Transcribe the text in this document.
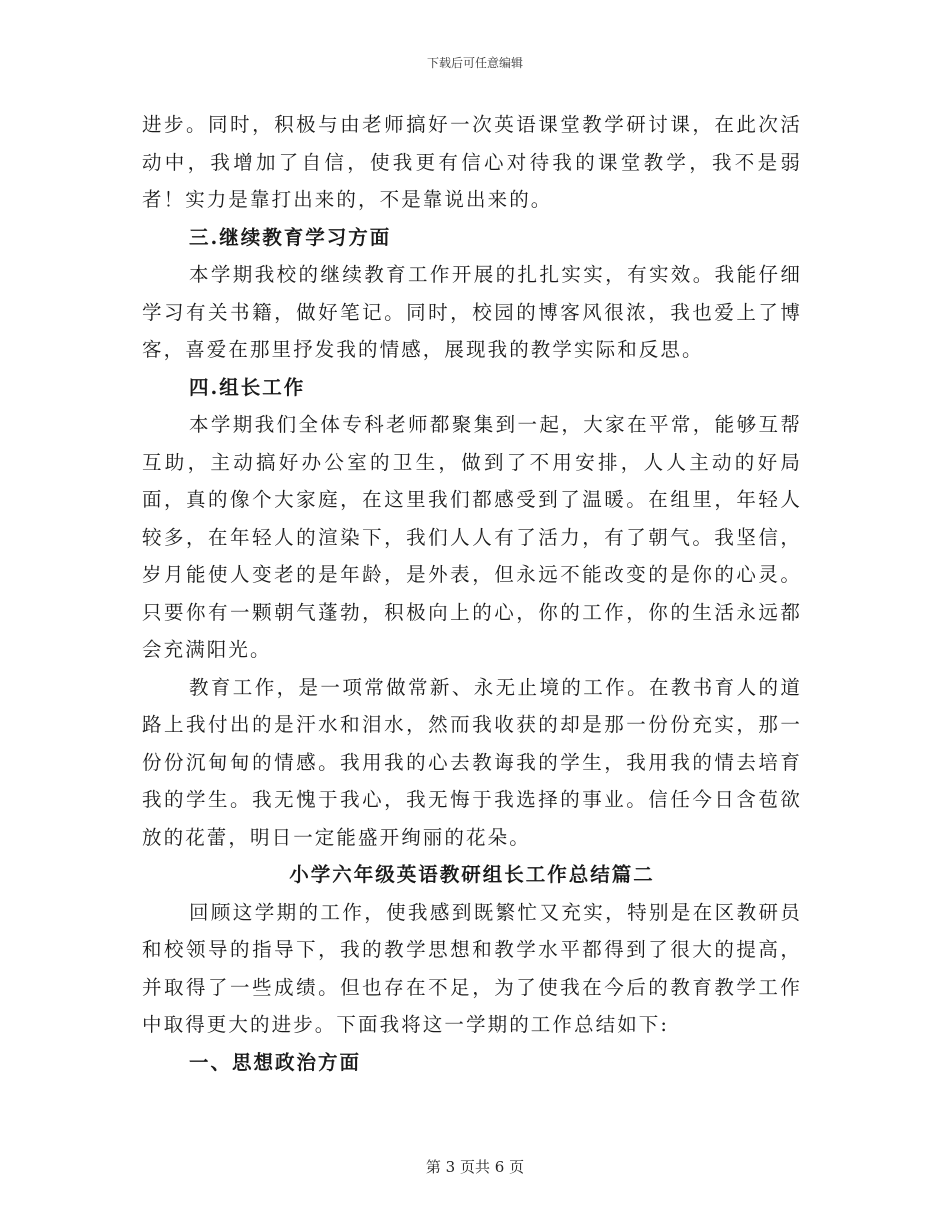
下载后可任意编辑

进步。同时，积极与由老师搞好一次英语课堂教学研讨课，在此次活动中，我增加了自信，使我更有信心对待我的课堂教学，我不是弱者！实力是靠打出来的，不是靠说出来的。

三.继续教育学习方面

本学期我校的继续教育工作开展的扎扎实实，有实效。我能仔细学习有关书籍，做好笔记。同时，校园的博客风很浓，我也爱上了博客，喜爱在那里抒发我的情感，展现我的教学实际和反思。

四.组长工作

本学期我们全体专科老师都聚集到一起，大家在平常，能够互帮互助，主动搞好办公室的卫生，做到了不用安排，人人主动的好局面，真的像个大家庭，在这里我们都感受到了温暖。在组里，年轻人较多，在年轻人的渲染下，我们人人有了活力，有了朝气。我坚信，岁月能使人变老的是年龄，是外表，但永远不能改变的是你的心灵。只要你有一颗朝气蓬勃，积极向上的心，你的工作，你的生活永远都会充满阳光。

教育工作，是一项常做常新、永无止境的工作。在教书育人的道路上我付出的是汗水和泪水，然而我收获的却是那一份份充实，那一份份沉甸甸的情感。我用我的心去教诲我的学生，我用我的情去培育我的学生。我无愧于我心，我无悔于我选择的事业。信任今日含苞欲放的花蕾，明日一定能盛开绚丽的花朵。

小学六年级英语教研组长工作总结篇二

回顾这学期的工作，使我感到既繁忙又充实，特别是在区教研员和校领导的指导下，我的教学思想和教学水平都得到了很大的提高，并取得了一些成绩。但也存在不足，为了使我在今后的教育教学工作中取得更大的进步。下面我将这一学期的工作总结如下:

一、思想政治方面

第 3 页共 6 页
